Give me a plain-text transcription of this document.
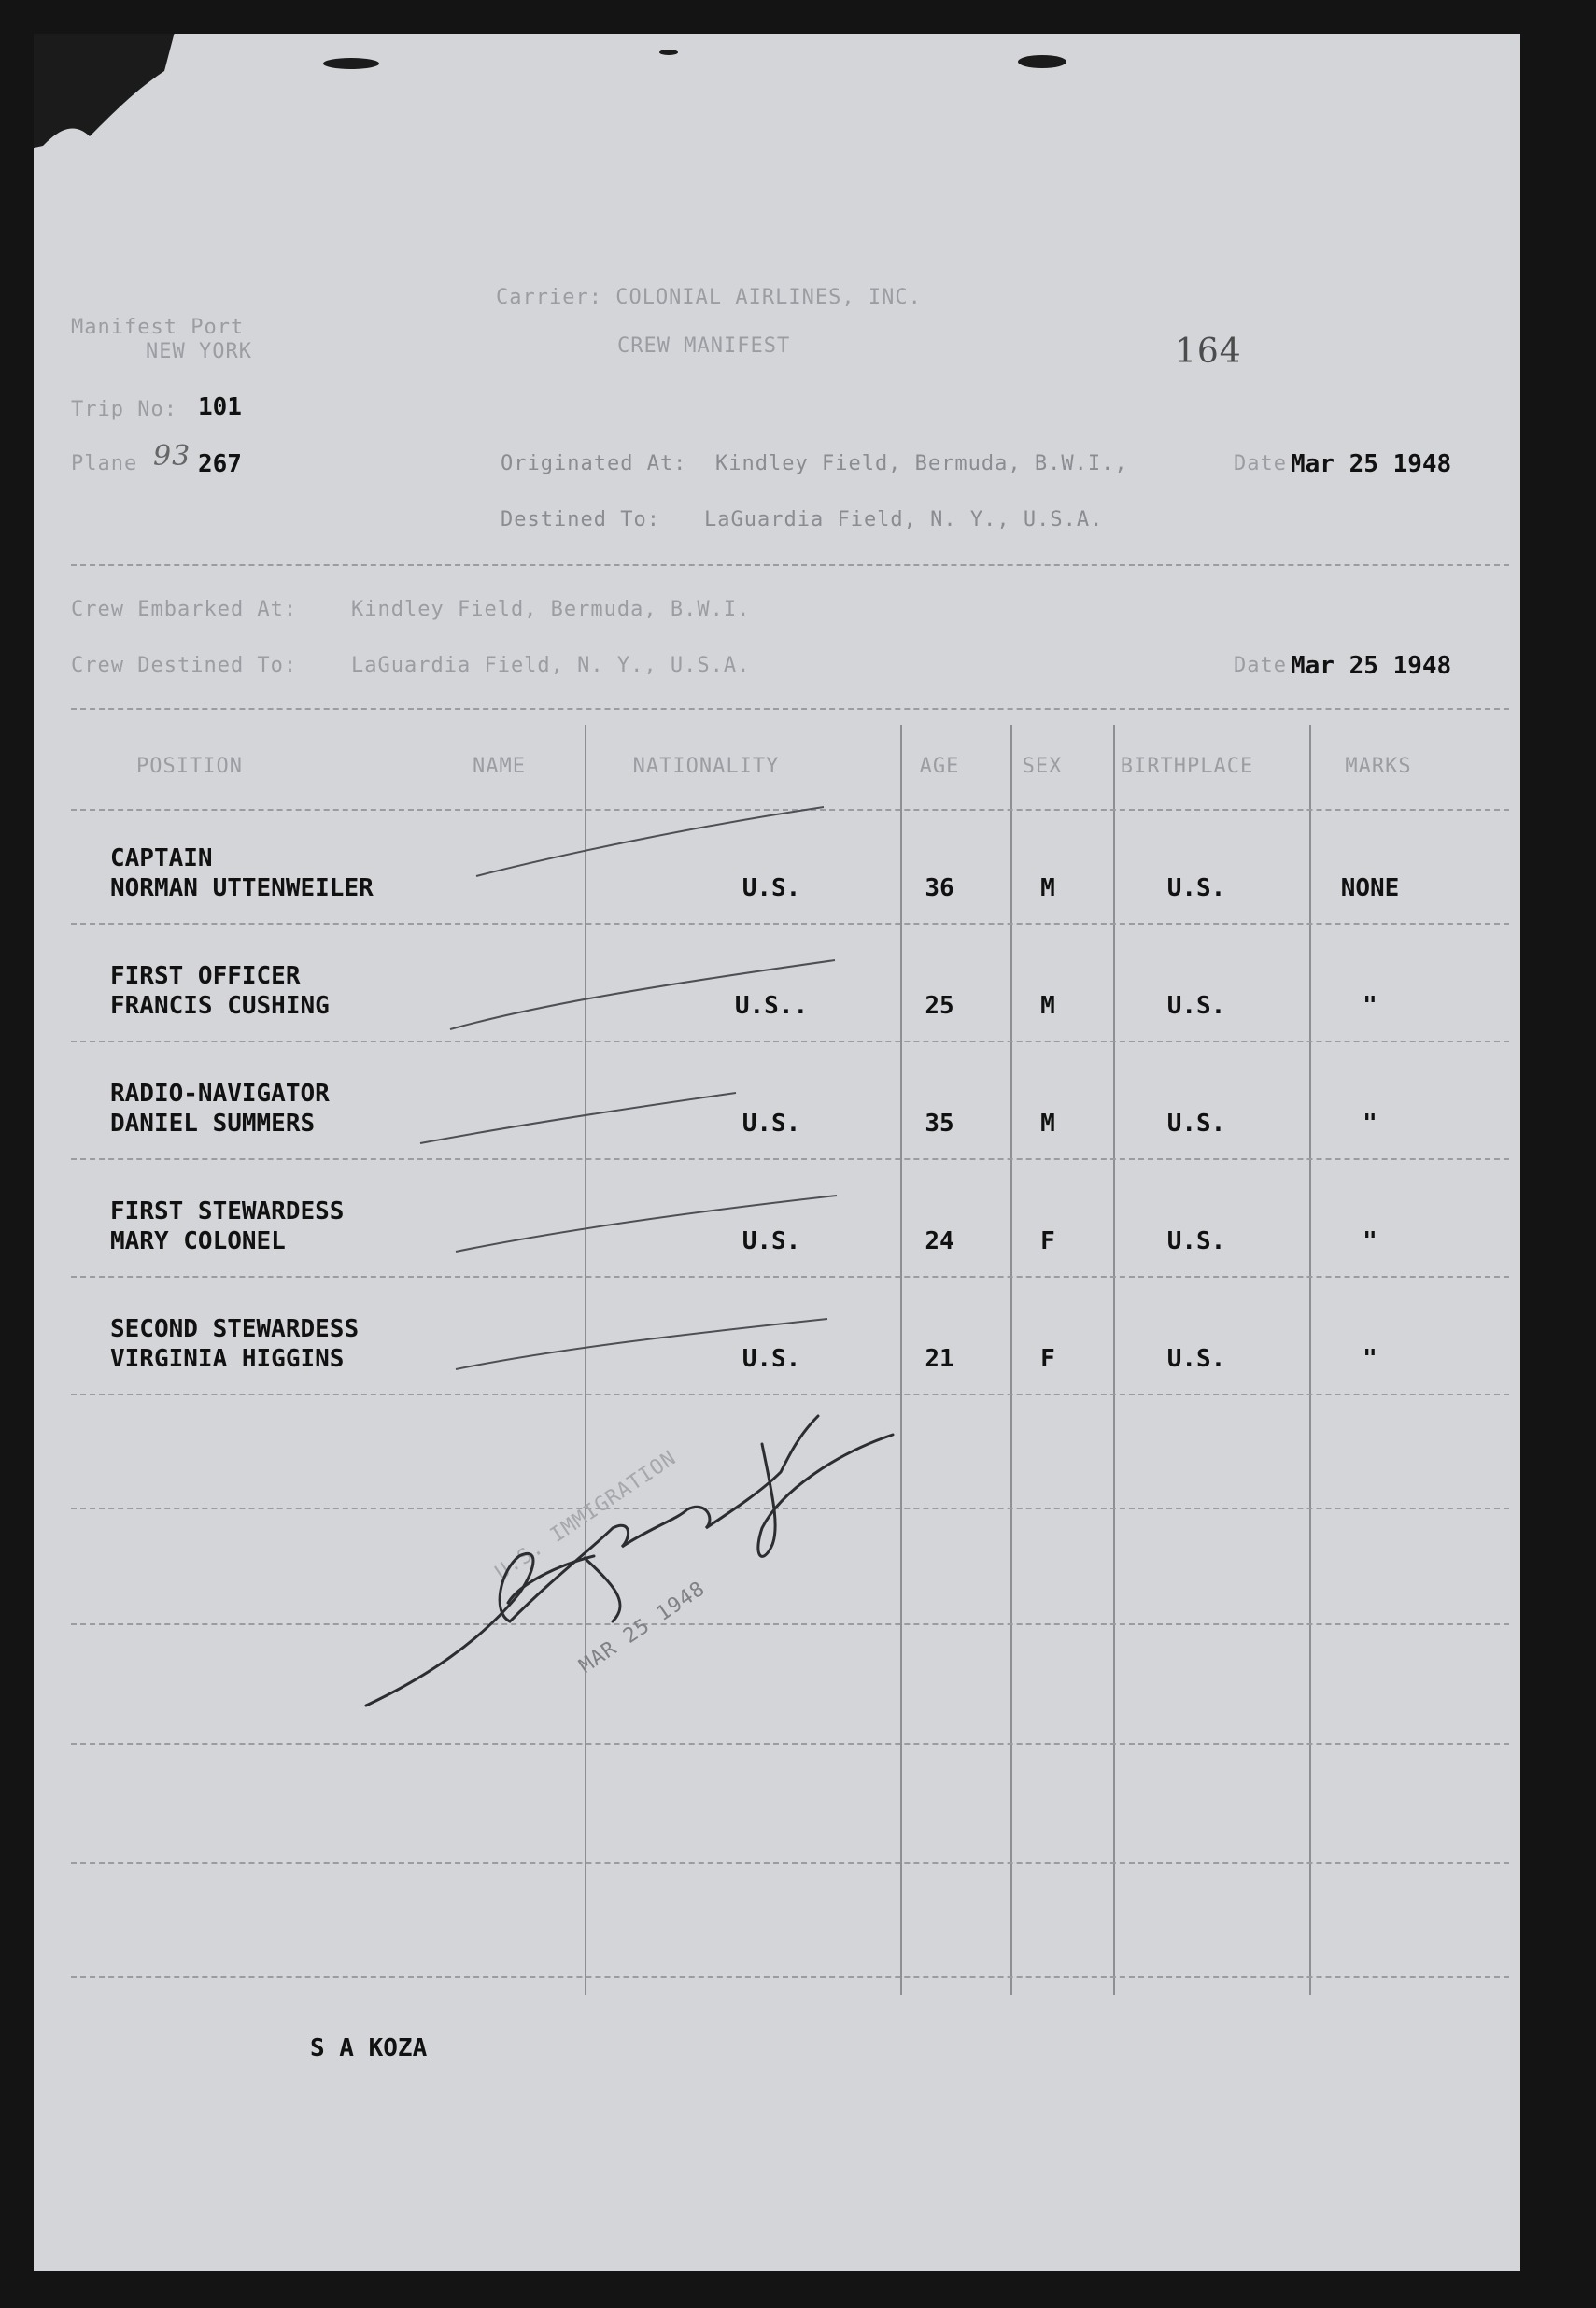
Carrier: COLONIAL AIRLINES, INC.
Manifest Port
NEW YORK	CREW MANIFEST	164
Trip No: 101
Plane 93 267	Originated At: Kindley Field, Bermuda, B.W.I.,	Date Mar 25 1948
Destined To: LaGuardia Field, N. Y., U.S.A.
Crew Embarked At:	Kindley Field, Bermuda, B.W.I.
Crew Destined To:	LaGuardia Field, N. Y., U.S.A.	Date Mar 25 1948
POSITION	NAME	NATIONALITY	AGE	SEX	BIRTHPLACE	MARKS
CAPTAIN
NORMAN UTTENWEILER	U.S.	36	M	U.S.	NONE
FIRST OFFICER
FRANCIS CUSHING	U.S..	25	M	U.S.	"
RADIO-NAVIGATOR
DANIEL SUMMERS	U.S.	35	M	U.S.	"
FIRST STEWARDESS
MARY COLONEL	U.S.	24	F	U.S.	"
SECOND STEWARDESS
VIRGINIA HIGGINS	U.S.	21	F	U.S.	"
U.S. IMMIGRATION
MAR 25 1948
S A KOZA
